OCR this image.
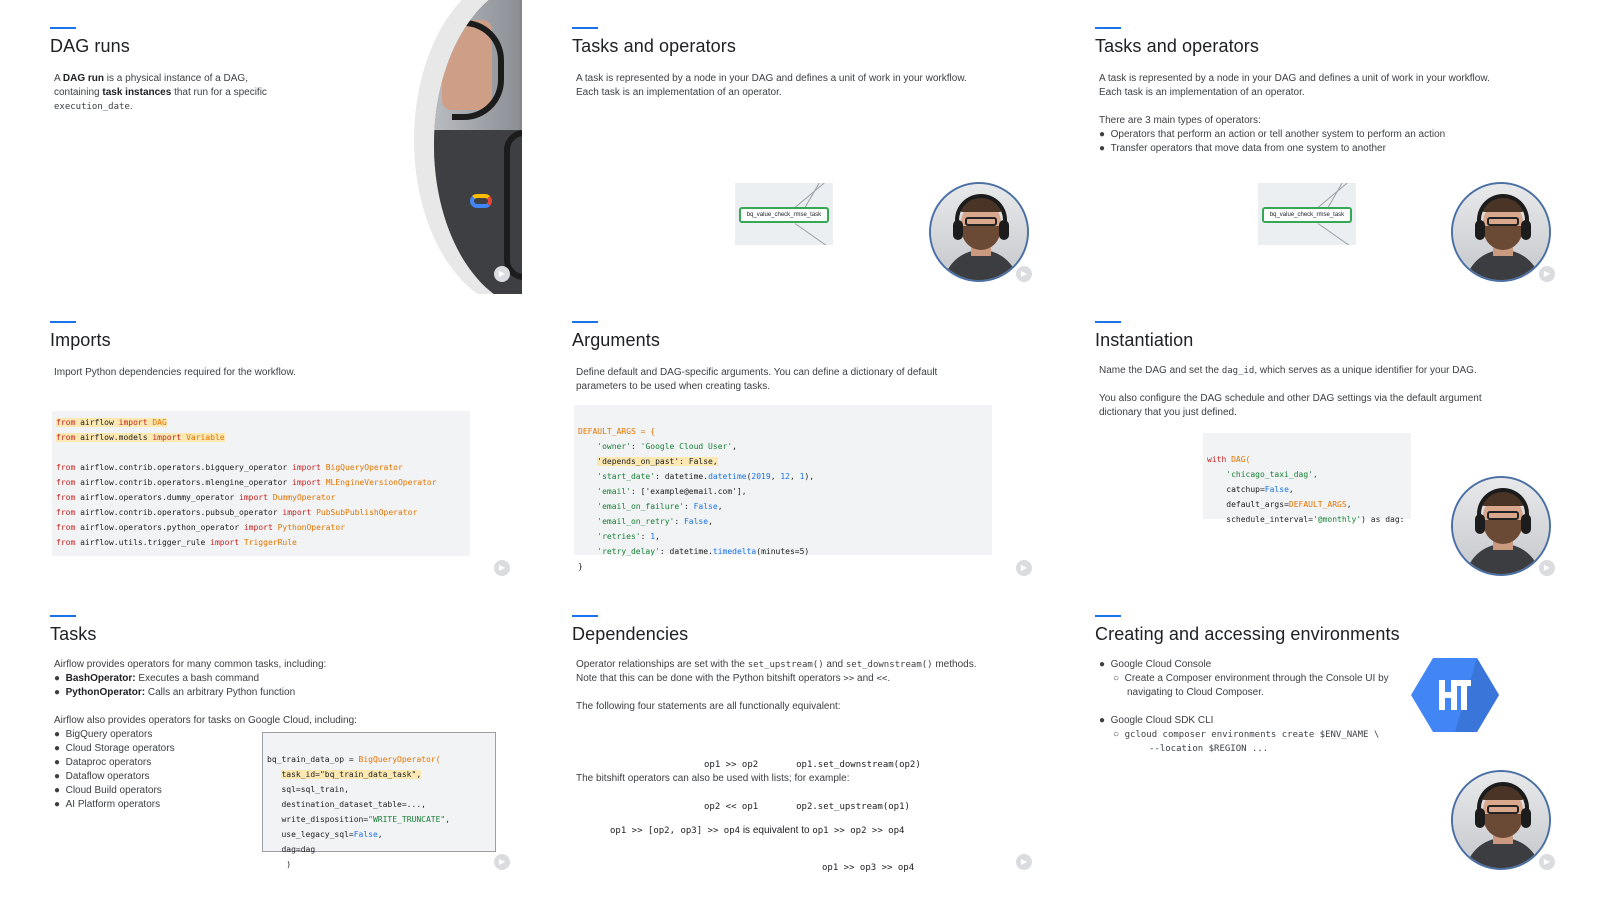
DAG runs
A DAG run is a physical instance of a DAG,
containing task instances that run for a specific
execution_date.
▶
Tasks and operators
A task is represented by a node in your DAG and defines a unit of work in your workflow.
Each task is an implementation of an operator.
bq_value_check_rmse_task
▶
Tasks and operators
A task is represented by a node in your DAG and defines a unit of work in your workflow.
Each task is an implementation of an operator.
There are 3 main types of operators:
●  Operators that perform an action or tell another system to perform an action
●  Transfer operators that move data from one system to another
bq_value_check_rmse_task
▶
Imports
Import Python dependencies required for the workflow.
from airflow import DAG
from airflow.models import Variable

from airflow.contrib.operators.bigquery_operator import BigQueryOperator
from airflow.contrib.operators.mlengine_operator import MLEngineVersionOperator
from airflow.operators.dummy_operator import DummyOperator
from airflow.contrib.operators.pubsub_operator import PubSubPublishOperator
from airflow.operators.python_operator import PythonOperator
from airflow.utils.trigger_rule import TriggerRule
▶
Arguments
Define default and DAG-specific arguments. You can define a dictionary of default
parameters to be used when creating tasks.

DEFAULT_ARGS = {
'owner': 'Google Cloud User',
'depends_on_past': False,
'start_date': datetime.datetime(2019, 12, 1),
'email': ['example@email.com'],
'email_on_failure': False,
'email_on_retry': False,
'retries': 1,
'retry_delay': datetime.timedelta(minutes=5)
}	▶
Instantiation
Name the DAG and set the dag_id, which serves as a unique identifier for your DAG.
You also configure the DAG schedule and other DAG settings via the default argument
dictionary that you just defined.

with DAG(
'chicago_taxi_dag',
catchup=False,
default_args=DEFAULT_ARGS,
schedule_interval='@monthly') as dag:
▶
Tasks
Airflow provides operators for many common tasks, including:
●  BashOperator: Executes a bash command
●  PythonOperator: Calls an arbitrary Python function
Airflow also provides operators for tasks on Google Cloud, including:
●  BigQuery operators
●  Cloud Storage operators
●  Dataproc operators
●  Dataflow operators
●  Cloud Build operators
●  AI Platform operators

bq_train_data_op = BigQueryOperator(
task_id="bq_train_data_task",
sql=sql_train,
destination_dataset_table=...,
write_disposition="WRITE_TRUNCATE",
use_legacy_sql=False,
dag=dag
)	▶
Dependencies
Operator relationships are set with the set_upstream() and set_downstream() methods.
Note that this can be done with the Python bitshift operators >> and <<.
The following four statements are all functionally equivalent:

op1 >> op2	op1.set_downstream(op2)

op2 << op1	op2.set_upstream(op1)

The bitshift operators can also be used with lists; for example:

op1 >> [op2, op3] >> op4 is equivalent to op1 >> op2 >> op4

op1 >> op3 >> op4

▶
Creating and accessing environments
●  Google Cloud Console
○  Create a Composer environment through the Console UI by
navigating to Cloud Composer.
●  Google Cloud SDK CLI
○  gcloud composer environments create $ENV_NAME \
--location $REGION ...
▶
